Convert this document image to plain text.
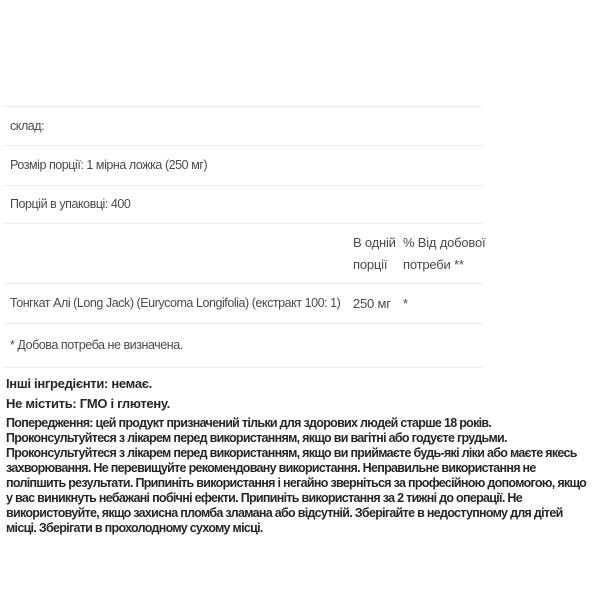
склад:
Розмір порції: 1 мірна ложка (250 мг)
Порцій в упаковці: 400
В одній
порції
% Від добової
потреби **
Тонгкат Алі (Long Jack) (Eurycoma Longifolia) (екстракт 100: 1) 250 мг *
* Добова потреба не визначена.
Інші інгредієнти: немає.
Не містить: ГМО і глютену.
Попередження: цей продукт призначений тільки для здорових людей старше 18 років. Проконсультуйтеся з лікарем перед використанням, якщо ви вагітні або годуєте грудьми. Проконсультуйтеся з лікарем перед використанням, якщо ви приймаєте будь-які ліки або маєте якесь захворювання. Не перевищуйте рекомендовану використання. Неправильне використання не поліпшить результати. Припиніть використання і негайно зверніться за професійною допомогою, якщо у вас виникнуть небажані побічні ефекти. Припиніть використання за 2 тижні до операції. Не використовуйте, якщо захисна пломба зламана або відсутній. Зберігайте в недоступному для дітей місці. Зберігати в прохолодному сухому місці.
